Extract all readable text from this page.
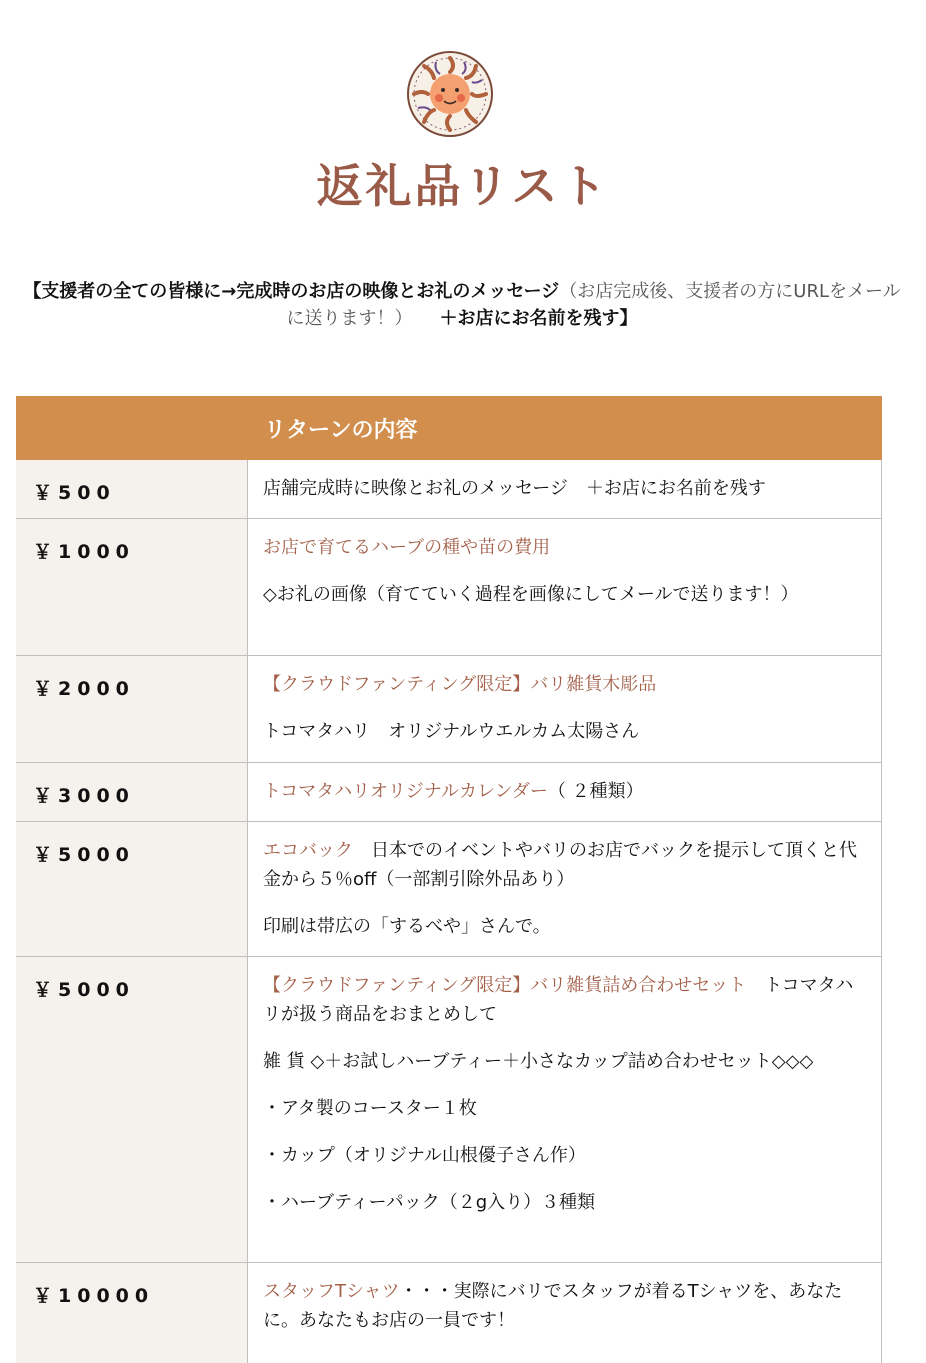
返礼品リスト
【支援者の全ての皆様に→完成時のお店の映像とお礼のメッセージ（お店完成後、支援者の方にURLをメールに送ります！）　　 ＋お店にお名前を残す】
リターンの内容
￥500	店舗完成時に映像とお礼のメッセージ　＋お店にお名前を残す

￥1000	お店で育てるハーブの種や苗の費用

◇お礼の画像（育てていく過程を画像にしてメールで送ります！）

￥2000	【クラウドファンティング限定】バリ雑貨木彫品

トコマタハリ　オリジナルウエルカム太陽さん

￥3000	トコマタハリオリジナルカレンダー（ ２種類）

￥5000	エコバック　日本でのイベントやバリのお店でバックを提示して頂くと代金から５％off（一部割引除外品あり）

印刷は帯広の「するべや」さんで。

￥5000	【クラウドファンティング限定】バリ雑貨詰め合わせセット　トコマタハリが扱う商品をおまとめして

雑 貨 ◇＋お試しハーブティー＋小さなカップ詰め合わせセット◇◇◇

・アタ製のコースター１枚

・カップ（オリジナル山根優子さん作）

・ハーブティーパック（２g入り）３種類

￥10000	スタッフTシャツ・・・実際にバリでスタッフが着るTシャツを、あなたに。あなたもお店の一員です！
